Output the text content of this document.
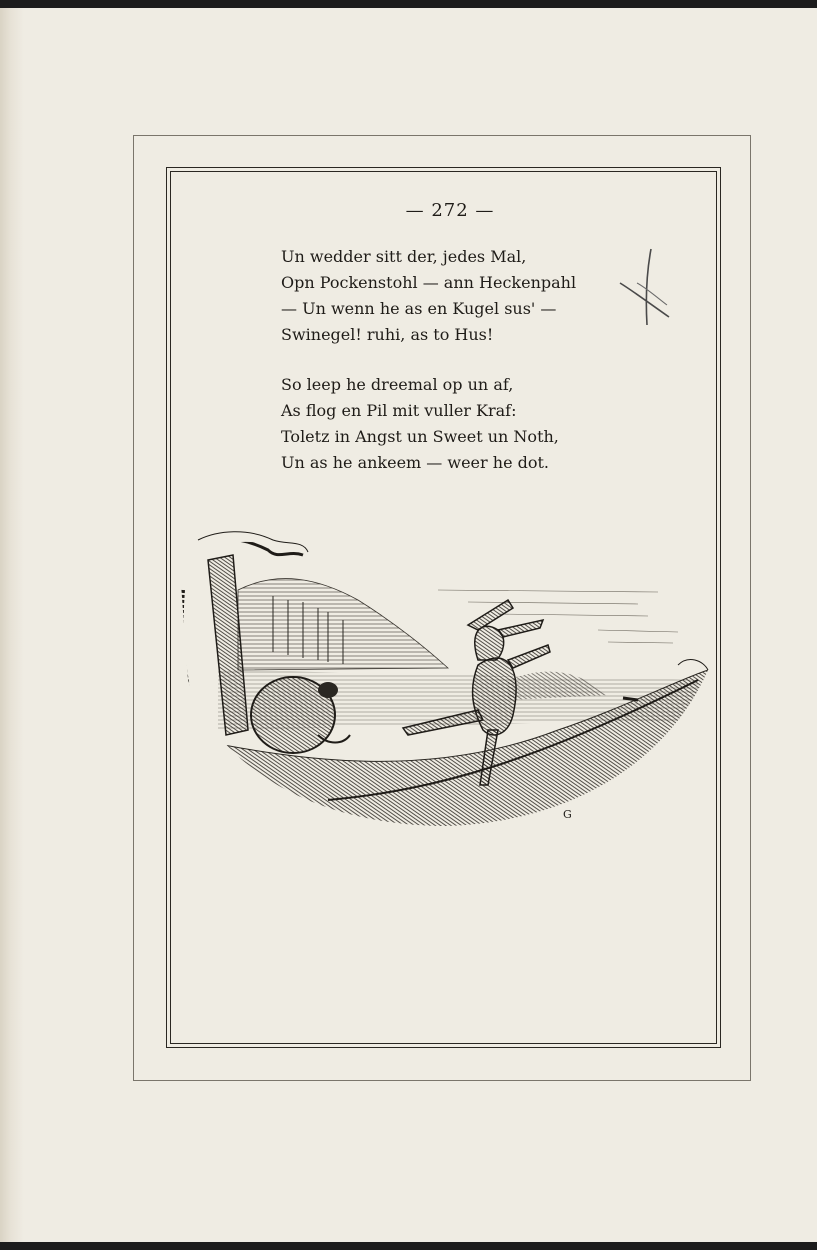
— 272 —
Un wedder sitt der, jedes Mal,
Opn Pockenstohl — ann Heckenpahl
— Un wenn he as en Kugel sus' —
Swinegel! ruhi, as to Hus!
So leep he dreemal op un af,
As flog en Pil mit vuller Kraf:
Toletz in Angst un Sweet un Noth,
Un as he ankeem — weer he dot.
G
